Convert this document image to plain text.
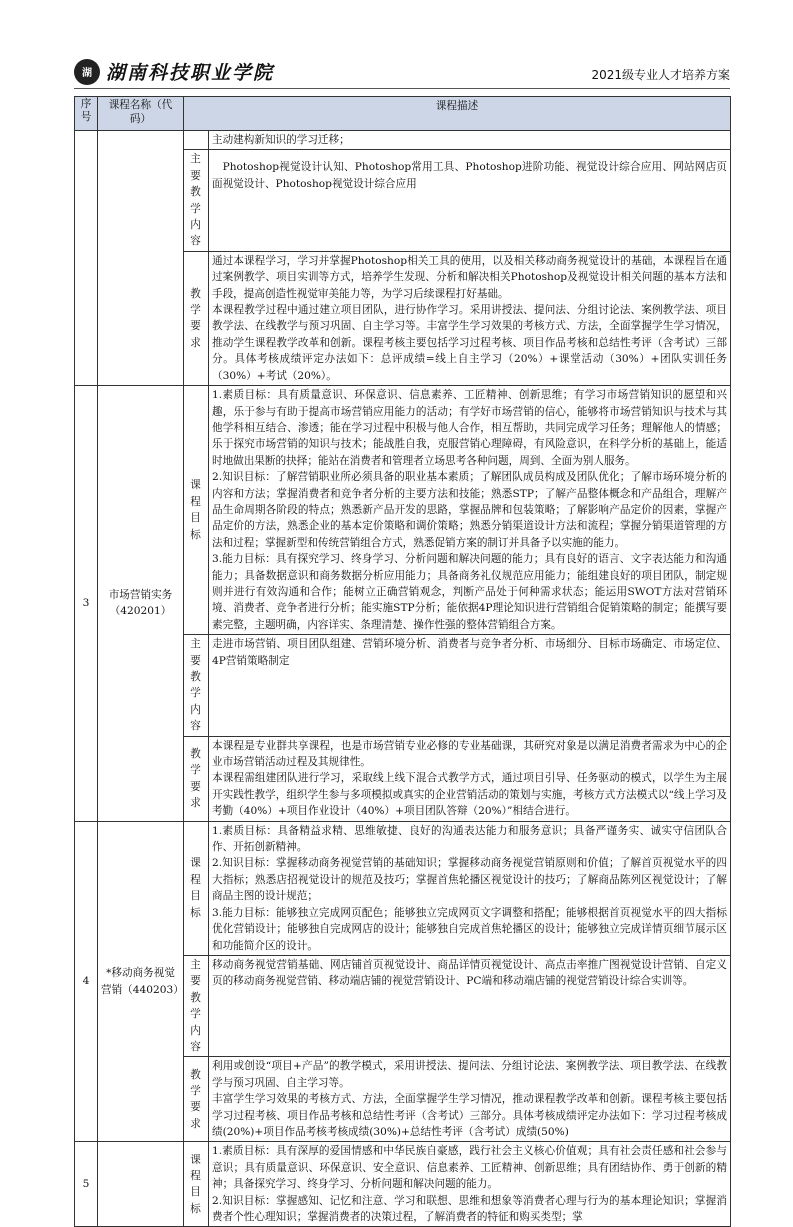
湖 湖南科技职业学院	2021级专业人才培养方案
序号	课程名称（代码）	课程描述	
			主动建构新知识的学习迁移；
		主要教学内容	Photoshop视觉设计认知、Photoshop常用工具、Photoshop进阶功能、视觉设计综合应用、网站网店页面视觉设计、Photoshop视觉设计综合应用
		教学要求	通过本课程学习，学习并掌握Photoshop相关工具的使用，以及相关移动商务视觉设计的基础，本课程旨在通过案例教学、项目实训等方式，培养学生发现、分析和解决相关Photoshop及视觉设计相关问题的基本方法和手段，提高创造性视觉审美能力等，为学习后续课程打好基础。

本课程教学过程中通过建立项目团队，进行协作学习。采用讲授法、提问法、分组讨论法、案例教学法、项目教学法、在线教学与预习巩固、自主学习等。丰富学生学习效果的考核方式、方法，全面掌握学生学习情况，推动学生课程教学改革和创新。课程考核主要包括学习过程考核、项目作品考核和总结性考评（含考试）三部分。具体考核成绩评定办法如下：总评成绩=线上自主学习（20%）+课堂活动（30%）+团队实训任务（30%）+考试（20%）。

3	市场营销实务（420201）	课程目标	1.素质目标：具有质量意识、环保意识、信息素养、工匠精神、创新思维；有学习市场营销知识的愿望和兴趣，乐于参与有助于提高市场营销应用能力的活动；有学好市场营销的信心，能够将市场营销知识与技术与其他学科相互结合、渗透；能在学习过程中积极与他人合作，相互帮助，共同完成学习任务；理解他人的情感；乐于探究市场营销的知识与技术；能战胜自我，克服营销心理障碍，有风险意识，在科学分析的基础上，能适时地做出果断的抉择；能站在消费者和管理者立场思考各种问题，周到、全面为别人服务。

2.知识目标：了解营销职业所必须具备的职业基本素质；了解团队成员构成及团队优化；了解市场环境分析的内容和方法；掌握消费者和竞争者分析的主要方法和技能；熟悉STP；了解产品整体概念和产品组合，理解产品生命周期各阶段的特点；熟悉新产品开发的思路，掌握品牌和包装策略；了解影响产品定价的因素，掌握产品定价的方法，熟悉企业的基本定价策略和调价策略；熟悉分销渠道设计方法和流程；掌握分销渠道管理的方法和过程；掌握新型和传统营销组合方式，熟悉促销方案的制订并具备予以实施的能力。

3.能力目标：具有探究学习、终身学习、分析问题和解决问题的能力；具有良好的语言、文字表达能力和沟通能力；具备数据意识和商务数据分析应用能力；具备商务礼仪规范应用能力；能组建良好的项目团队，制定规则并进行有效沟通和合作；能树立正确营销观念，判断产品处于何种需求状态；能运用SWOT方法对营销环境、消费者、竞争者进行分析；能实施STP分析；能依据4P理论知识进行营销组合促销策略的制定；能撰写要素完整，主题明确，内容详实、条理清楚、操作性强的整体营销组合方案。

		主要教学内容	走进市场营销、项目团队组建、营销环境分析、消费者与竞争者分析、市场细分、目标市场确定、市场定位、4P营销策略制定
		教学要求	本课程是专业群共享课程，也是市场营销专业必修的专业基础课，其研究对象是以满足消费者需求为中心的企业市场营销活动过程及其规律性。

本课程需组建团队进行学习，采取线上线下混合式教学方式，通过项目引导、任务驱动的模式，以学生为主展开实践性教学，组织学生参与多项模拟或真实的企业营销活动的策划与实施，考核方式方法模式以“线上学习及考勤（40%）+项目作业设计（40%）+项目团队答辩（20%）”相结合进行。

4	*移动商务视觉营销（440203）	课程目标	1.素质目标：具备精益求精、思维敏捷、良好的沟通表达能力和服务意识；具备严谨务实、诚实守信团队合作、开拓创新精神。

2.知识目标：掌握移动商务视觉营销的基础知识；掌握移动商务视觉营销原则和价值；了解首页视觉水平的四大指标；熟悉店招视觉设计的规范及技巧；掌握首焦轮播区视觉设计的技巧；了解商品陈列区视觉设计；了解商品主图的设计规范；

3.能力目标：能够独立完成网页配色；能够独立完成网页文字调整和搭配；能够根据首页视觉水平的四大指标优化营销设计；能够独自完成网店的设计；能够独自完成首焦轮播区的设计；能够独立完成详情页细节展示区和功能简介区的设计。

		主要教学内容	移动商务视觉营销基础、网店铺首页视觉设计、商品详情页视觉设计、高点击率推广图视觉设计营销、自定义页的移动商务视觉营销、移动端店铺的视觉营销设计、PC端和移动端店铺的视觉营销设计综合实训等。
		教学要求	利用或创设“项目+产品”的教学模式，采用讲授法、提问法、分组讨论法、案例教学法、项目教学法、在线教学与预习巩固、自主学习等。

丰富学生学习效果的考核方式、方法，全面掌握学生学习情况，推动课程教学改革和创新。课程考核主要包括学习过程考核、项目作品考核和总结性考评（含考试）三部分。具体考核成绩评定办法如下：学习过程考核成绩(20%)+项目作品考核考核成绩(30%)+总结性考评（含考试）成绩(50%)

5		课程目标	1.素质目标：具有深厚的爱国情感和中华民族自豪感，践行社会主义核心价值观；具有社会责任感和社会参与意识；具有质量意识、环保意识、安全意识、信息素养、工匠精神、创新思维；具有团结协作、勇于创新的精神；具备探究学习、终身学习、分析问题和解决问题的能力。

2.知识目标：掌握感知、记忆和注意、学习和联想、思维和想象等消费者心理与行为的基本理论知识；掌握消费者个性心理知识；掌握消费者的决策过程，了解消费者的特征和购买类型；掌
